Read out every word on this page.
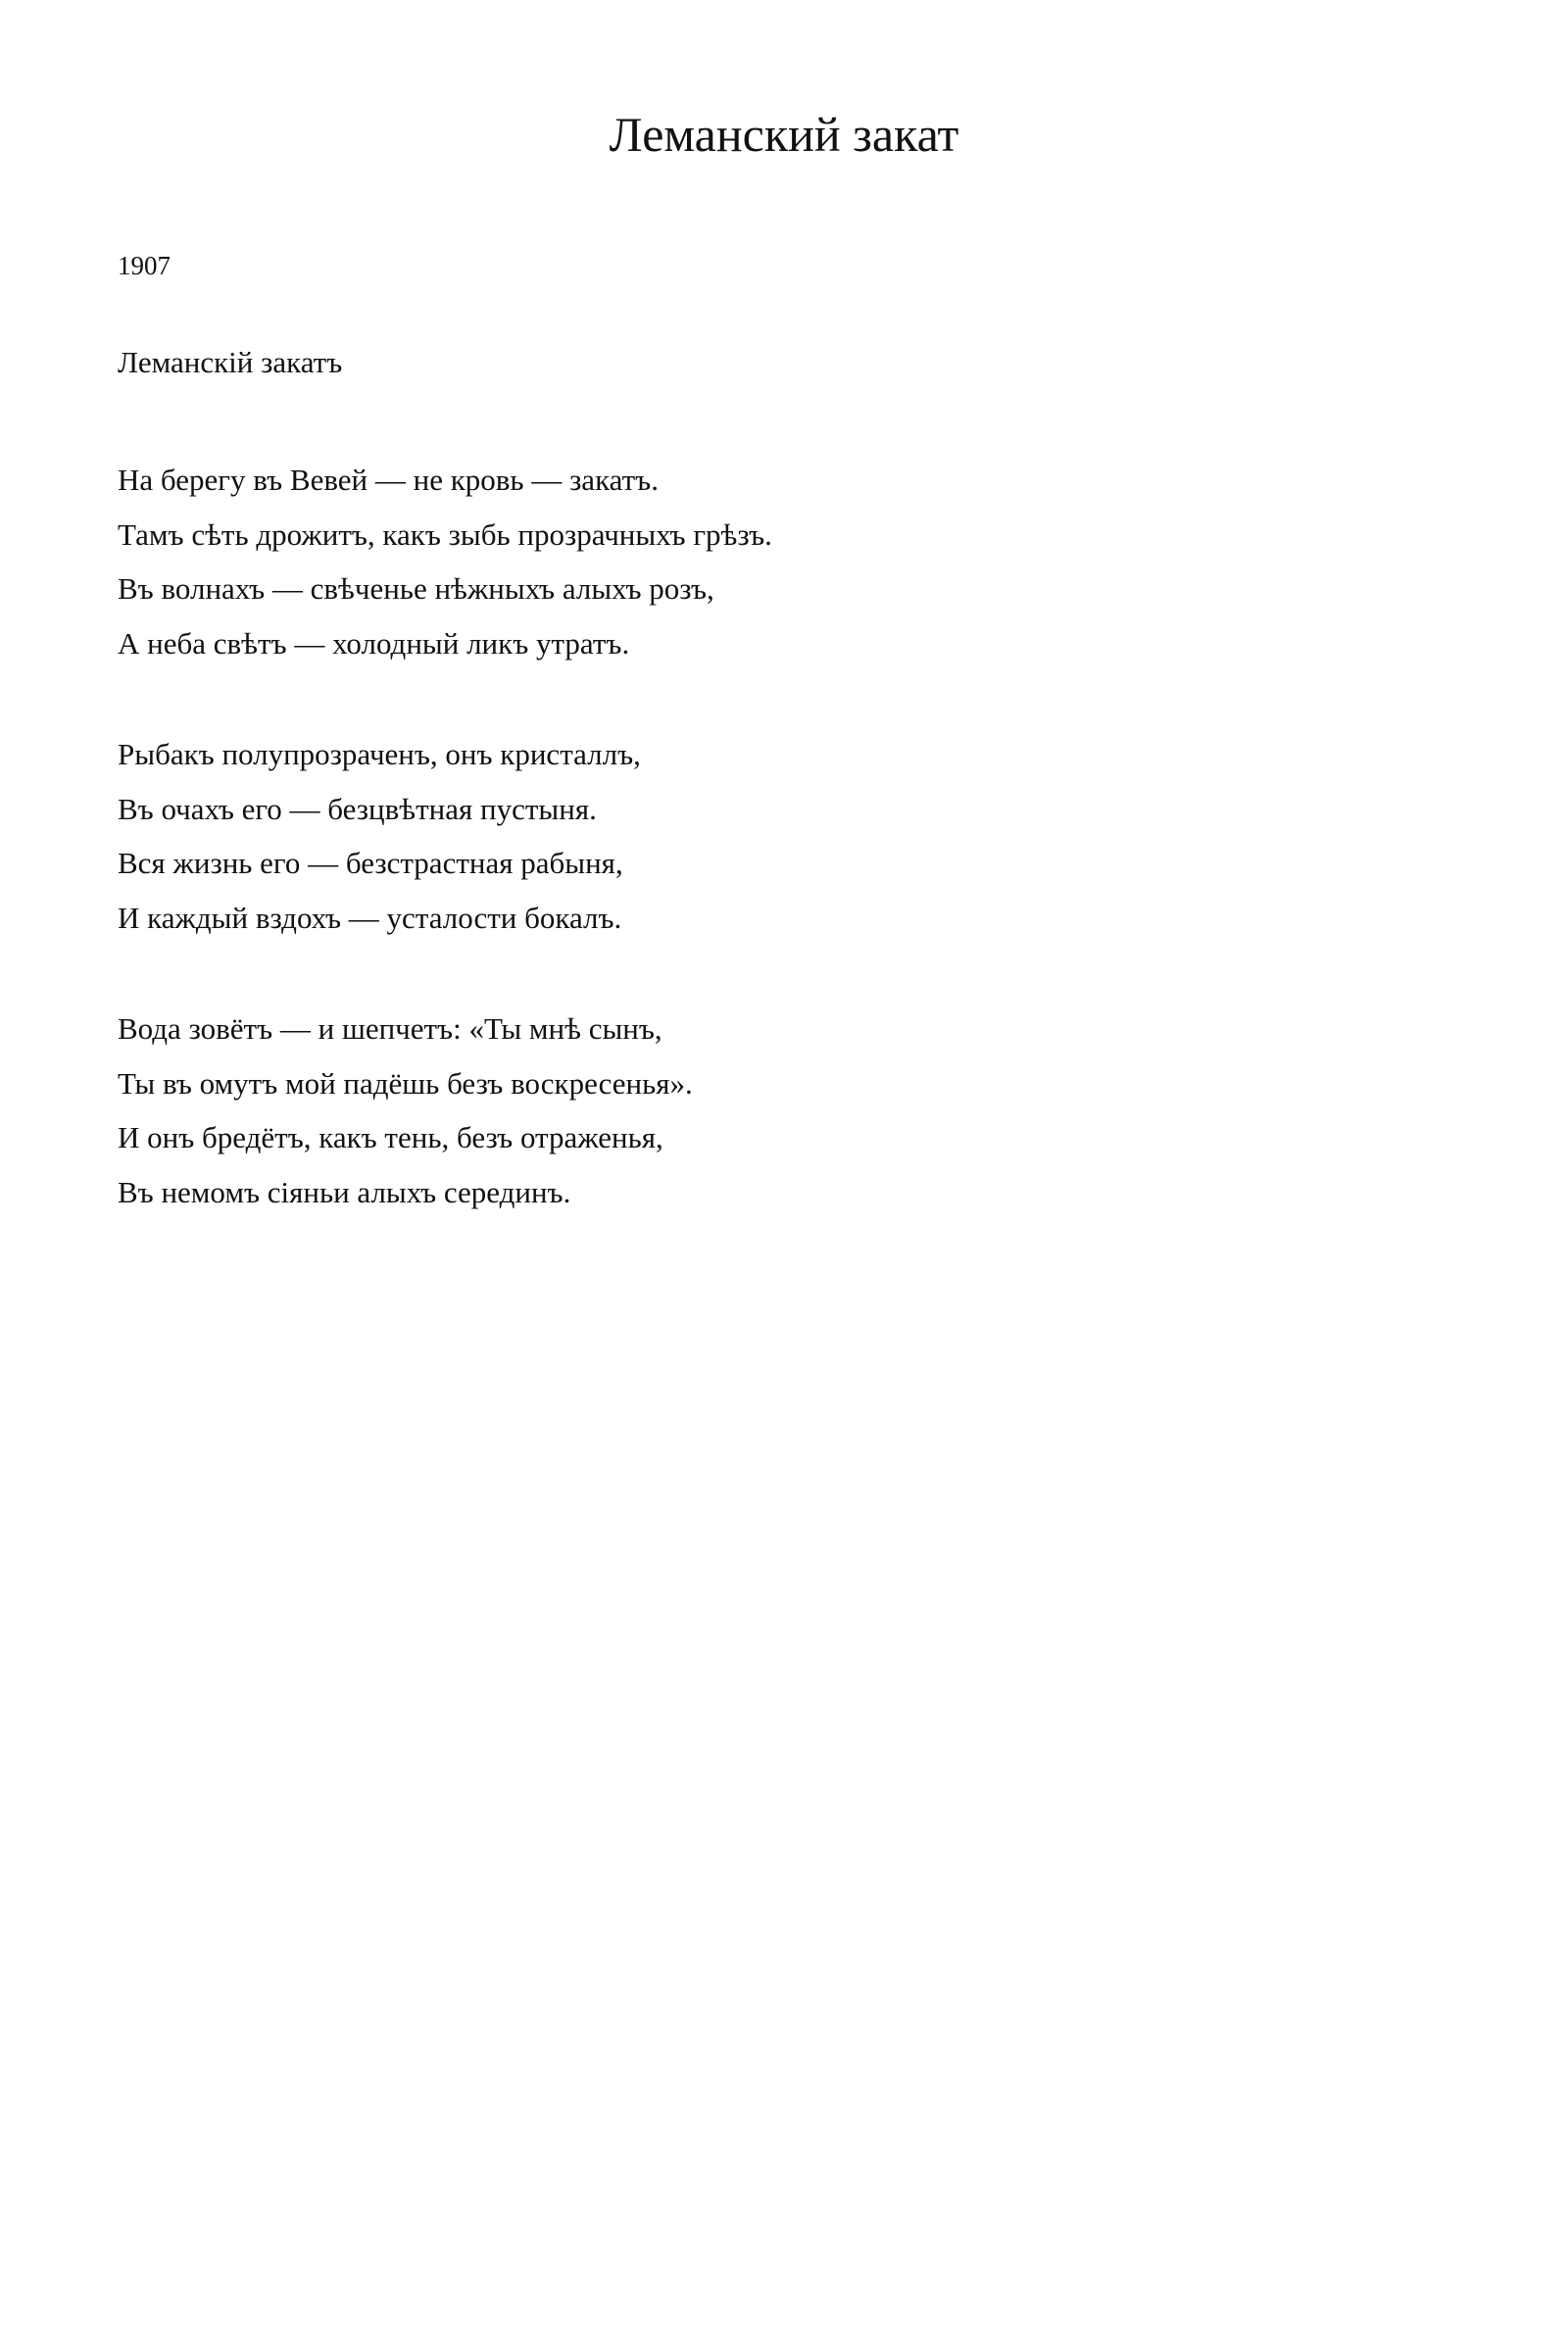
Леманский закат

1907

Леманскій закатъ

На берегу въ Вевей — не кровь — закатъ.
Тамъ сѣть дрожитъ, какъ зыбь прозрачныхъ грѣзъ.
Въ волнахъ — свѣченье нѣжныхъ алыхъ розъ,
А неба свѣтъ — холодный ликъ утратъ.
Рыбакъ полупрозраченъ, онъ кристаллъ,
Въ очахъ его — безцвѣтная пустыня.
Вся жизнь его — безстрастная рабыня,
И каждый вздохъ — усталости бокалъ.
Вода зовётъ — и шепчетъ: «Ты мнѣ сынъ,
Ты въ омутъ мой падёшь безъ воскресенья».
И онъ бредётъ, какъ тень, безъ отраженья,
Въ немомъ сіяньи алыхъ серединъ.
